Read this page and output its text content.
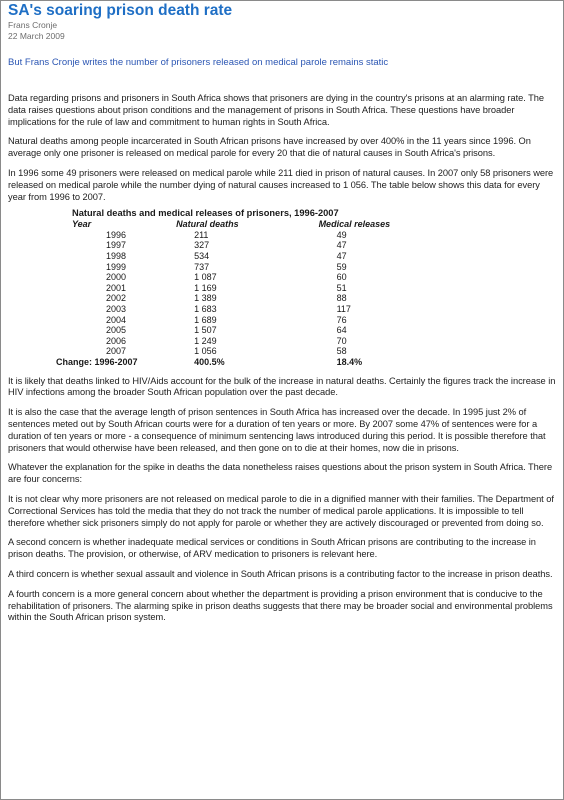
SA's soaring prison death rate
Frans Cronje
22 March 2009
But Frans Cronje writes the number of prisoners released on medical parole remains static

Data regarding prisons and prisoners in South Africa shows that prisoners are dying in the country's prisons at an alarming rate. The data raises questions about prison conditions and the management of prisons in South Africa. These questions have broader implications for the rule of law and commitment to human rights in South Africa.

Natural deaths among people incarcerated in South African prisons have increased by over 400% in the 11 years since 1996. On average only one prisoner is released on medical parole for every 20 that die of natural causes in South Africa's prisons.

In 1996 some 49 prisoners were released on medical parole while 211 died in prison of natural causes. In 2007 only 58 prisoners were released on medical parole while the number dying of natural causes increased to 1 056. The table below shows this data for every year from 1996 to 2007.

Natural deaths and medical releases of prisoners, 1996-2007
Year	Natural deaths	Medical releases
1996	211	49
1997	327	47
1998	534	47
1999	737	59
2000	1 087	60
2001	1 169	51
2002	1 389	88
2003	1 683	117
2004	1 689	76
2005	1 507	64
2006	1 249	70
2007	1 056	58
Change: 1996-2007	400.5%	18.4%

It is likely that deaths linked to HIV/Aids account for the bulk of the increase in natural deaths. Certainly the figures track the increase in HIV infections among the broader South African population over the past decade.

It is also the case that the average length of prison sentences in South Africa has increased over the decade. In 1995 just 2% of sentences meted out by South African courts were for a duration of ten years or more. By 2007 some 47% of sentences were for a duration of ten years or more - a consequence of minimum sentencing laws introduced during this period. It is possible therefore that prisoners that would otherwise have been released, and then gone on to die at their homes, now die in prisons.

Whatever the explanation for the spike in deaths the data nonetheless raises questions about the prison system in South Africa. There are four concerns:

It is not clear why more prisoners are not released on medical parole to die in a dignified manner with their families. The Department of Correctional Services has told the media that they do not track the number of medical parole applications. It is impossible to tell therefore whether sick prisoners simply do not apply for parole or whether they are actively discouraged or prevented from doing so.

A second concern is whether inadequate medical services or conditions in South African prisons are contributing to the increase in prison deaths. The provision, or otherwise, of ARV medication to prisoners is relevant here.

A third concern is whether sexual assault and violence in South African prisons is a contributing factor to the increase in prison deaths.

A fourth concern is a more general concern about whether the department is providing a prison environment that is conducive to the rehabilitation of prisoners. The alarming spike in prison deaths suggests that there may be broader social and environmental problems within the South African prison system.
